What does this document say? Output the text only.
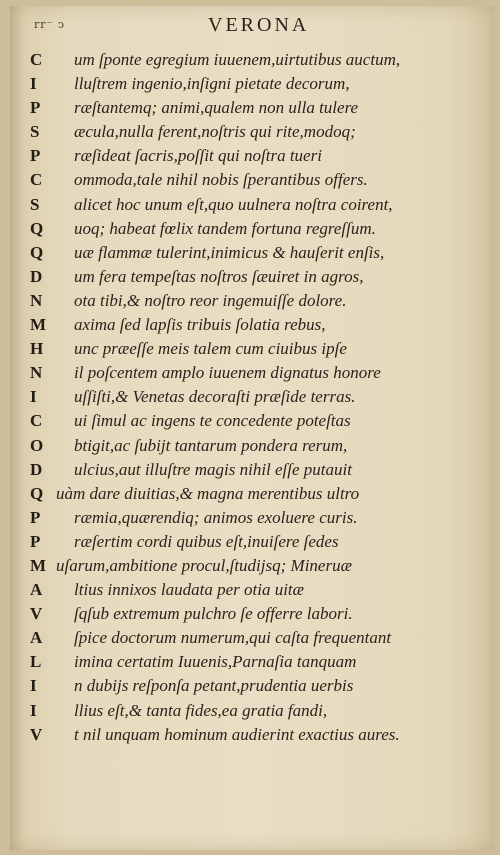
rr⁻ ↄ	VERONA
C	um ſponte egregium iuuenem,uirtutibus auctum,
I	lluſtrem ingenio,inſigni pietate decorum,
P	ræſtantemq; animi,qualem non ulla tulere
S	æcula,nulla ferent,noſtris qui rite,modoq;
P	ræſideat ſacris,poſſit qui noſtra tueri
C	ommoda,tale nihil nobis ſperantibus offers.
S	alicet hoc unum eſt,quo uulnera noſtra coirent,
Q	uoq; habeat fœlix tandem fortuna regreſſum.
Q	uæ flammæ tulerint,inimicus & hauſerit enſis,
D	um fera tempeſtas noſtros ſæuiret in agros,
N	ota tibi,& noſtro reor ingemuiſſe dolore.
M	axima ſed lapſis tribuis ſolatia rebus,
H	unc præeſſe meis talem cum ciuibus ipſe
N	il poſcentem amplo iuuenem dignatus honore
I	uſſiſti,& Venetas decoraſti præſide terras.
C	ui ſimul ac ingens te concedente poteſtas
O	btigit,ac ſubijt tantarum pondera rerum,
D	ulcius,aut illuſtre magis nihil eſſe putauit
Q uàm dare diuitias,& magna merentibus ultro
P	ræmia,quærendiq; animos exoluere curis.
P	ræſertim cordi quibus eſt,inuiſere ſedes
M uſarum,ambitione procul,ſtudijsq; Mineruæ
A	ltius innixos laudata per otia uitæ
V	ſqſub extremum pulchro ſe offerre labori.
A	ſpice doctorum numerum,qui caſta frequentant
L	imina certatim Iuuenis,Parnaſia tanquam
I	n dubijs reſponſa petant,prudentia uerbis
I	llius eſt,& tanta fides,ea gratia fandi,
V	t nil unquam hominum audierint exactius aures.
